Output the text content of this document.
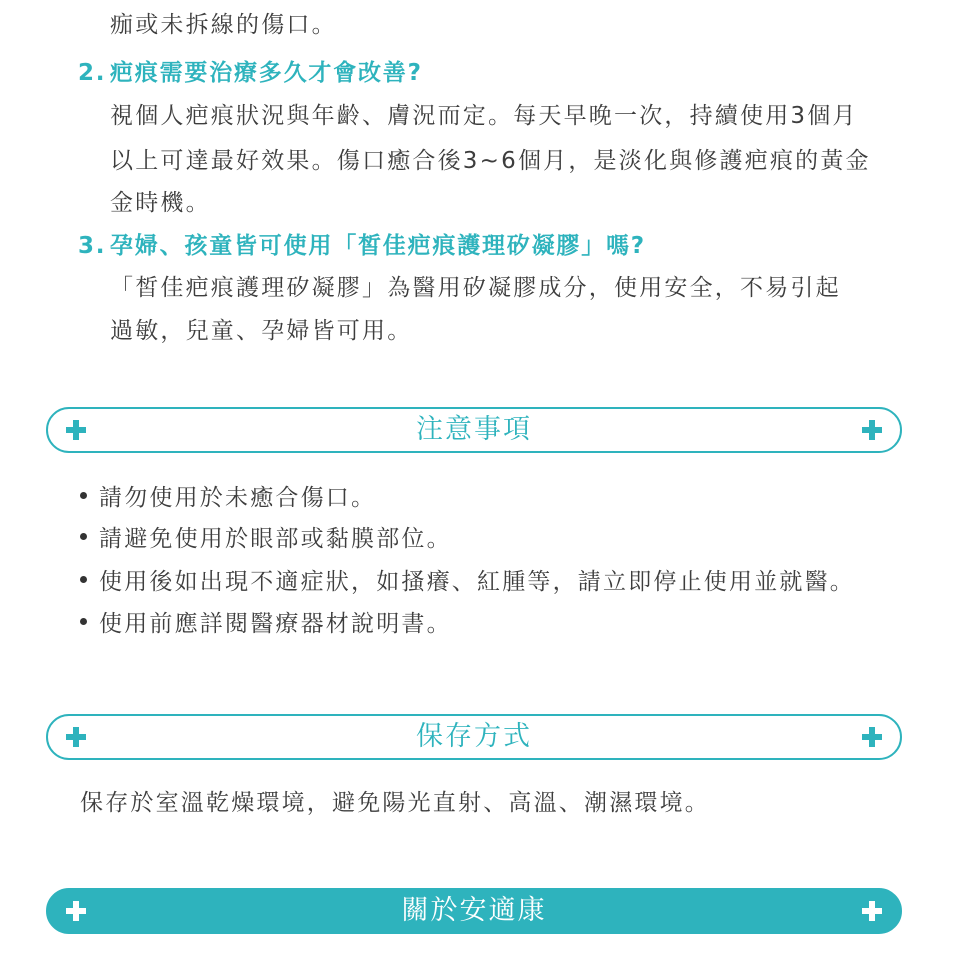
痂或未拆線的傷口。
2. 疤痕需要治療多久才會改善?
視個人疤痕狀況與年齡、膚況而定。每天早晚一次，持續使用3個月
以上可達最好效果。傷口癒合後3~6個月，是淡化與修護疤痕的黃金
金時機。
3. 孕婦、孩童皆可使用「皙佳疤痕護理矽凝膠」嗎?
「皙佳疤痕護理矽凝膠」為醫用矽凝膠成分，使用安全，不易引起
過敏，兒童、孕婦皆可用。
注意事項
請勿使用於未癒合傷口。
請避免使用於眼部或黏膜部位。
使用後如出現不適症狀，如搔癢、紅腫等，請立即停止使用並就醫。
使用前應詳閱醫療器材說明書。
保存方式
保存於室溫乾燥環境，避免陽光直射、高溫、潮濕環境。
關於安適康
